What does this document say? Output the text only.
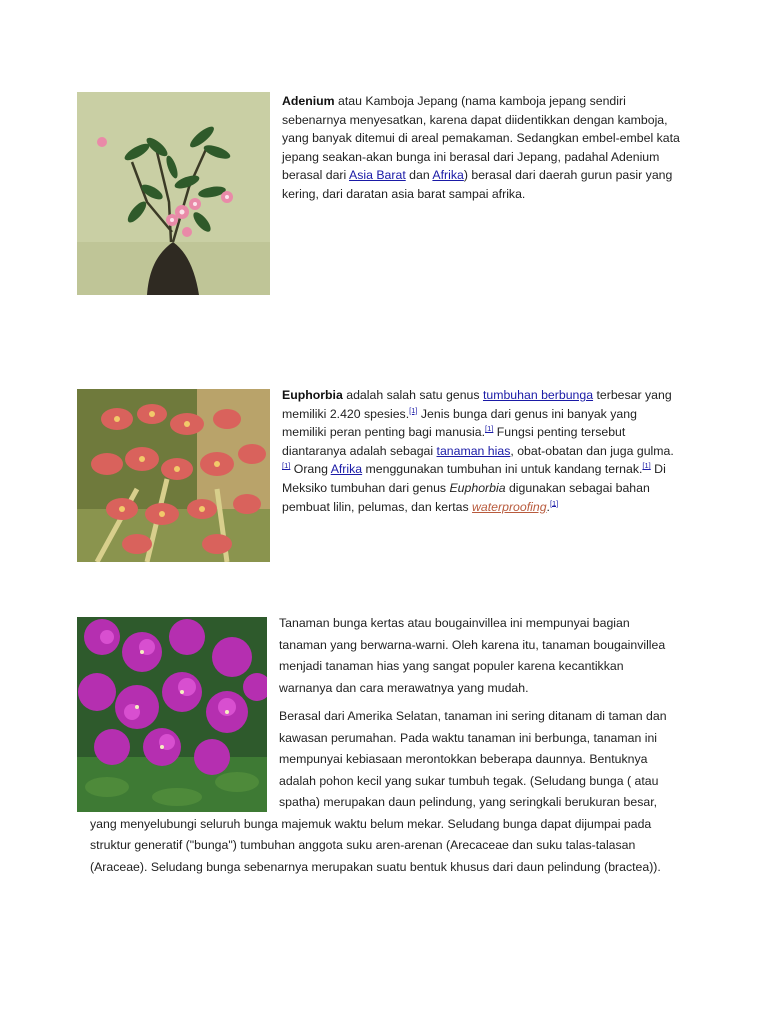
Adenium atau Kamboja Jepang (nama kamboja jepang sendiri sebenarnya menyesatkan, karena dapat diidentikkan dengan kamboja, yang banyak ditemui di areal pemakaman. Sedangkan embel-embel kata jepang seakan-akan bunga ini berasal dari Jepang, padahal Adenium berasal dari Asia Barat dan Afrika) berasal dari daerah gurun pasir yang kering, dari daratan asia barat sampai afrika.

Euphorbia adalah salah satu genus tumbuhan berbunga terbesar yang memiliki 2.420 spesies.[1] Jenis bunga dari genus ini banyak yang memiliki peran penting bagi manusia.[1] Fungsi penting tersebut diantaranya adalah sebagai tanaman hias, obat-obatan dan juga gulma.[1] Orang Afrika menggunakan tumbuhan ini untuk kandang ternak.[1] Di Meksiko tumbuhan dari genus Euphorbia digunakan sebagai bahan pembuat lilin, pelumas, dan kertas waterproofing.[1]

Tanaman bunga kertas atau bougainvillea ini mempunyai bagian tanaman yang berwarna-warni. Oleh karena itu, tanaman bougainvillea menjadi tanaman hias yang sangat populer karena kecantikkan warnanya dan cara merawatnya yang mudah.

Berasal dari Amerika Selatan, tanaman ini sering ditanam di taman dan kawasan perumahan. Pada waktu tanaman ini berbunga, tanaman ini mempunyai kebiasaan merontokkan beberapa daunnya. Bentuknya adalah pohon kecil yang sukar tumbuh tegak. (Seludang bunga ( atau spatha) merupakan daun pelindung, yang seringkali berukuran besar, yang menyelubungi seluruh bunga majemuk waktu belum mekar. Seludang bunga dapat dijumpai pada struktur generatif ("bunga") tumbuhan anggota suku aren-arenan (Arecaceae dan suku talas-talasan (Araceae). Seludang bunga sebenarnya merupakan suatu bentuk khusus dari daun pelindung (bractea)).
